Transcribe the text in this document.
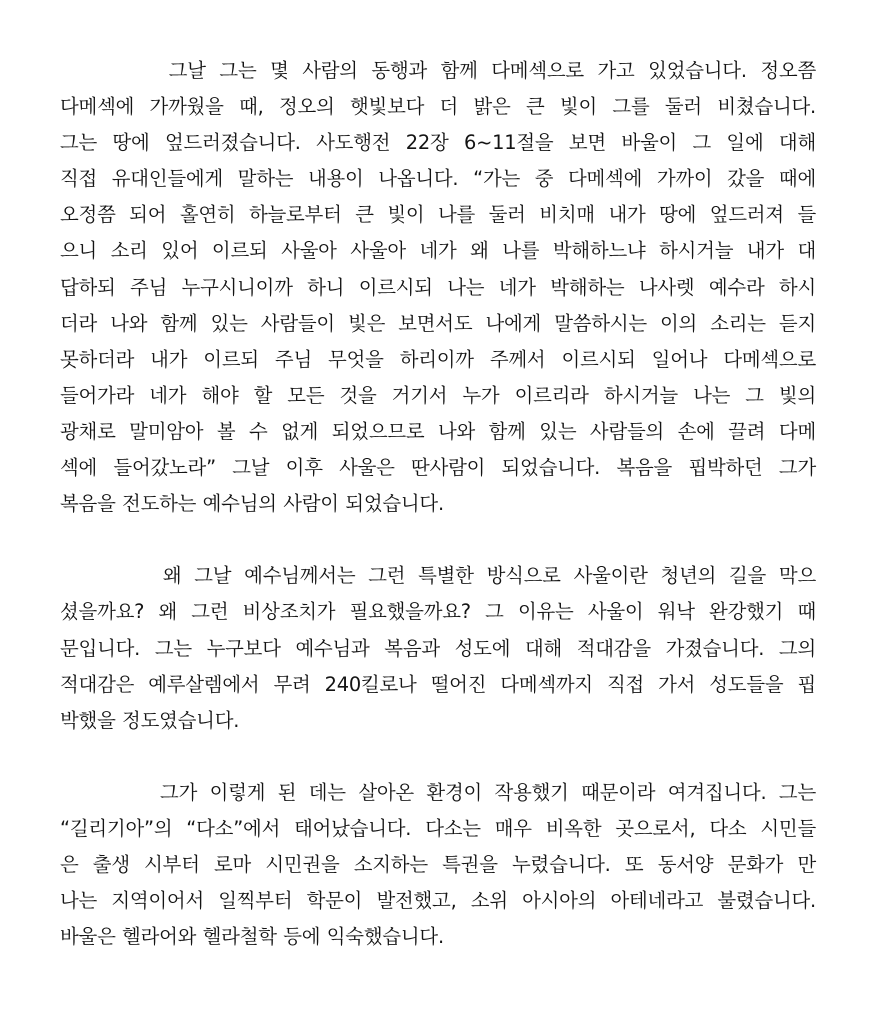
그날 그는 몇 사람의 동행과 함께 다메섹으로 가고 있었습니다. 정오쯤
다메섹에 가까웠을 때, 정오의 햇빛보다 더 밝은 큰 빛이 그를 둘러 비쳤습니다.
그는 땅에 엎드러졌습니다. 사도행전 22장 6~11절을 보면 바울이 그 일에 대해
직접 유대인들에게 말하는 내용이 나옵니다. “가는 중 다메섹에 가까이 갔을 때에
오정쯤 되어 홀연히 하늘로부터 큰 빛이 나를 둘러 비치매 내가 땅에 엎드러져 들
으니 소리 있어 이르되 사울아 사울아 네가 왜 나를 박해하느냐 하시거늘 내가 대
답하되 주님 누구시니이까 하니 이르시되 나는 네가 박해하는 나사렛 예수라 하시
더라 나와 함께 있는 사람들이 빛은 보면서도 나에게 말씀하시는 이의 소리는 듣지
못하더라 내가 이르되 주님 무엇을 하리이까 주께서 이르시되 일어나 다메섹으로
들어가라 네가 해야 할 모든 것을 거기서 누가 이르리라 하시거늘 나는 그 빛의
광채로 말미암아 볼 수 없게 되었으므로 나와 함께 있는 사람들의 손에 끌려 다메
섹에 들어갔노라” 그날 이후 사울은 딴사람이 되었습니다. 복음을 핍박하던 그가
복음을 전도하는 예수님의 사람이 되었습니다.
왜 그날 예수님께서는 그런 특별한 방식으로 사울이란 청년의 길을 막으
셨을까요? 왜 그런 비상조치가 필요했을까요? 그 이유는 사울이 워낙 완강했기 때
문입니다. 그는 누구보다 예수님과 복음과 성도에 대해 적대감을 가졌습니다. 그의
적대감은 예루살렘에서 무려 240킬로나 떨어진 다메섹까지 직접 가서 성도들을 핍
박했을 정도였습니다.
그가 이렇게 된 데는 살아온 환경이 작용했기 때문이라 여겨집니다. 그는
“길리기아”의 “다소”에서 태어났습니다. 다소는 매우 비옥한 곳으로서, 다소 시민들
은 출생 시부터 로마 시민권을 소지하는 특권을 누렸습니다. 또 동서양 문화가 만
나는 지역이어서 일찍부터 학문이 발전했고, 소위 아시아의 아테네라고 불렸습니다.
바울은 헬라어와 헬라철학 등에 익숙했습니다.
